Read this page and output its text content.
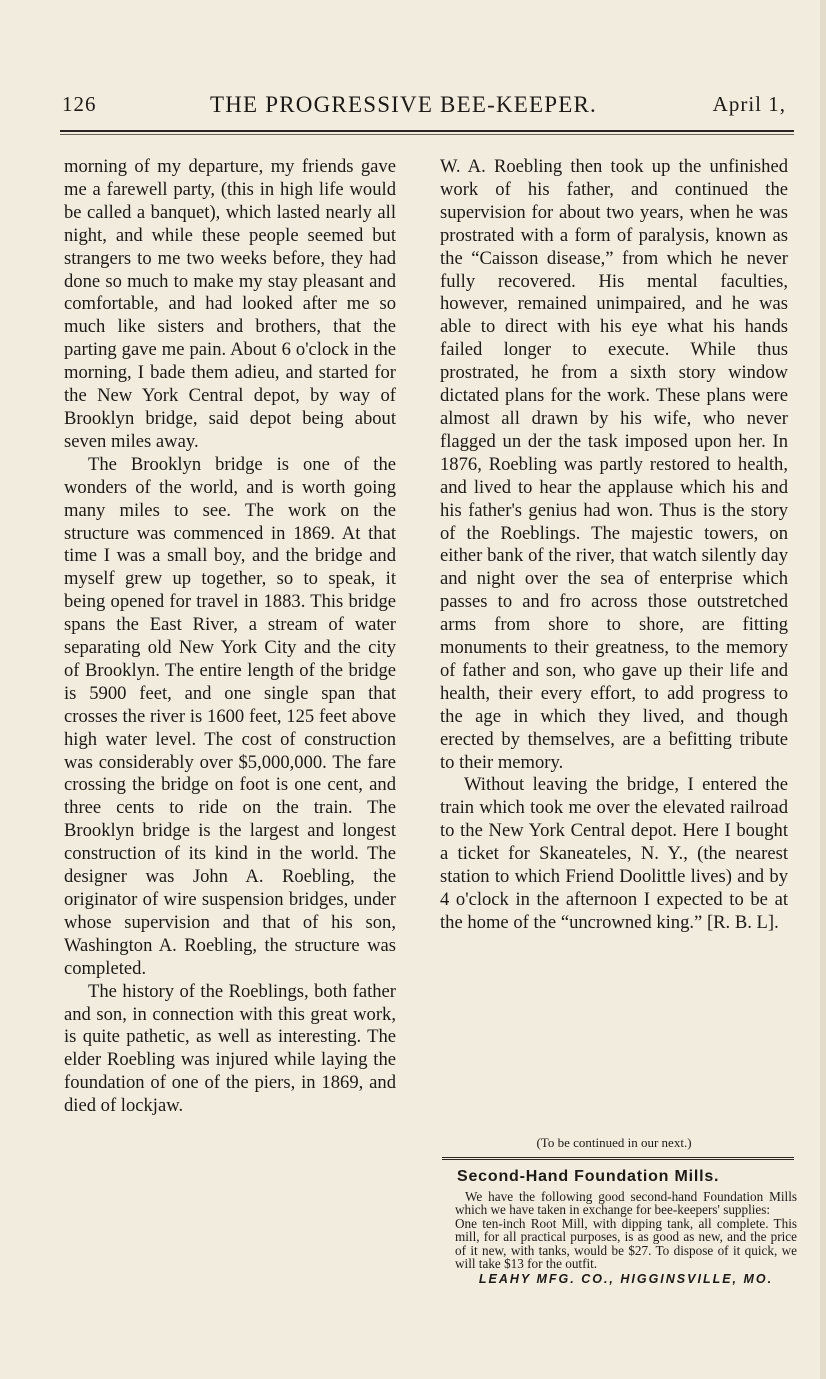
126	THE PROGRESSIVE BEE-KEEPER.	April 1,

morning of my departure, my friends gave me a farewell party, (this in high life would be called a banquet), which lasted nearly all night, and while these people seemed but strangers to me two weeks before, they had done so much to make my stay pleasant and comfortable, and had looked after me so much like sisters and brothers, that the parting gave me pain. About 6 o'clock in the morning, I bade them adieu, and started for the New York Central depot, by way of Brooklyn bridge, said depot being about seven miles away.

The Brooklyn bridge is one of the wonders of the world, and is worth going many miles to see. The work on the structure was commenced in 1869. At that time I was a small boy, and the bridge and myself grew up together, so to speak, it being opened for travel in 1883. This bridge spans the East River, a stream of water separating old New York City and the city of Brooklyn. The entire length of the bridge is 5900 feet, and one single span that crosses the river is 1600 feet, 125 feet above high water level. The cost of construction was considerably over $5,000,000. The fare crossing the bridge on foot is one cent, and three cents to ride on the train. The Brooklyn bridge is the largest and longest construction of its kind in the world. The designer was John A. Roebling, the originator of wire suspension bridges, under whose supervision and that of his son, Washington A. Roebling, the structure was completed.

The history of the Roeblings, both father and son, in connection with this great work, is quite pathetic, as well as interesting. The elder Roebling was injured while laying the foundation of one of the piers, in 1869, and died of lockjaw.

W. A. Roebling then took up the unfinished work of his father, and continued the supervision for about two years, when he was prostrated with a form of paralysis, known as the “Caisson disease,” from which he never fully recovered. His mental faculties, however, remained unimpaired, and he was able to direct with his eye what his hands failed longer to execute. While thus prostrated, he from a sixth story window dictated plans for the work. These plans were almost all drawn by his wife, who never flagged un der the task imposed upon her. In 1876, Roebling was partly restored to health, and lived to hear the applause which his and his father's genius had won. Thus is the story of the Roeblings. The majestic towers, on either bank of the river, that watch silently day and night over the sea of enterprise which passes to and fro across those outstretched arms from shore to shore, are fitting monuments to their greatness, to the memory of father and son, who gave up their life and health, their every effort, to add progress to the age in which they lived, and though erected by themselves, are a befitting tribute to their memory.

Without leaving the bridge, I entered the train which took me over the elevated railroad to the New York Central depot. Here I bought a ticket for Skaneateles, N. Y., (the nearest station to which Friend Doolittle lives) and by 4 o'clock in the afternoon I expected to be at the home of the “uncrowned king.” [R. B. L].

(To be continued in our next.)
Second-Hand Foundation Mills.

We have the following good second-hand Foundation Mills which we have taken in exchange for bee-keepers' supplies:

One ten-inch Root Mill, with dipping tank, all complete. This mill, for all practical purposes, is as good as new, and the price of it new, with tanks, would be $27. To dispose of it quick, we will take $13 for the outfit.

LEAHY MFG. CO., HIGGINSVILLE, MO.
